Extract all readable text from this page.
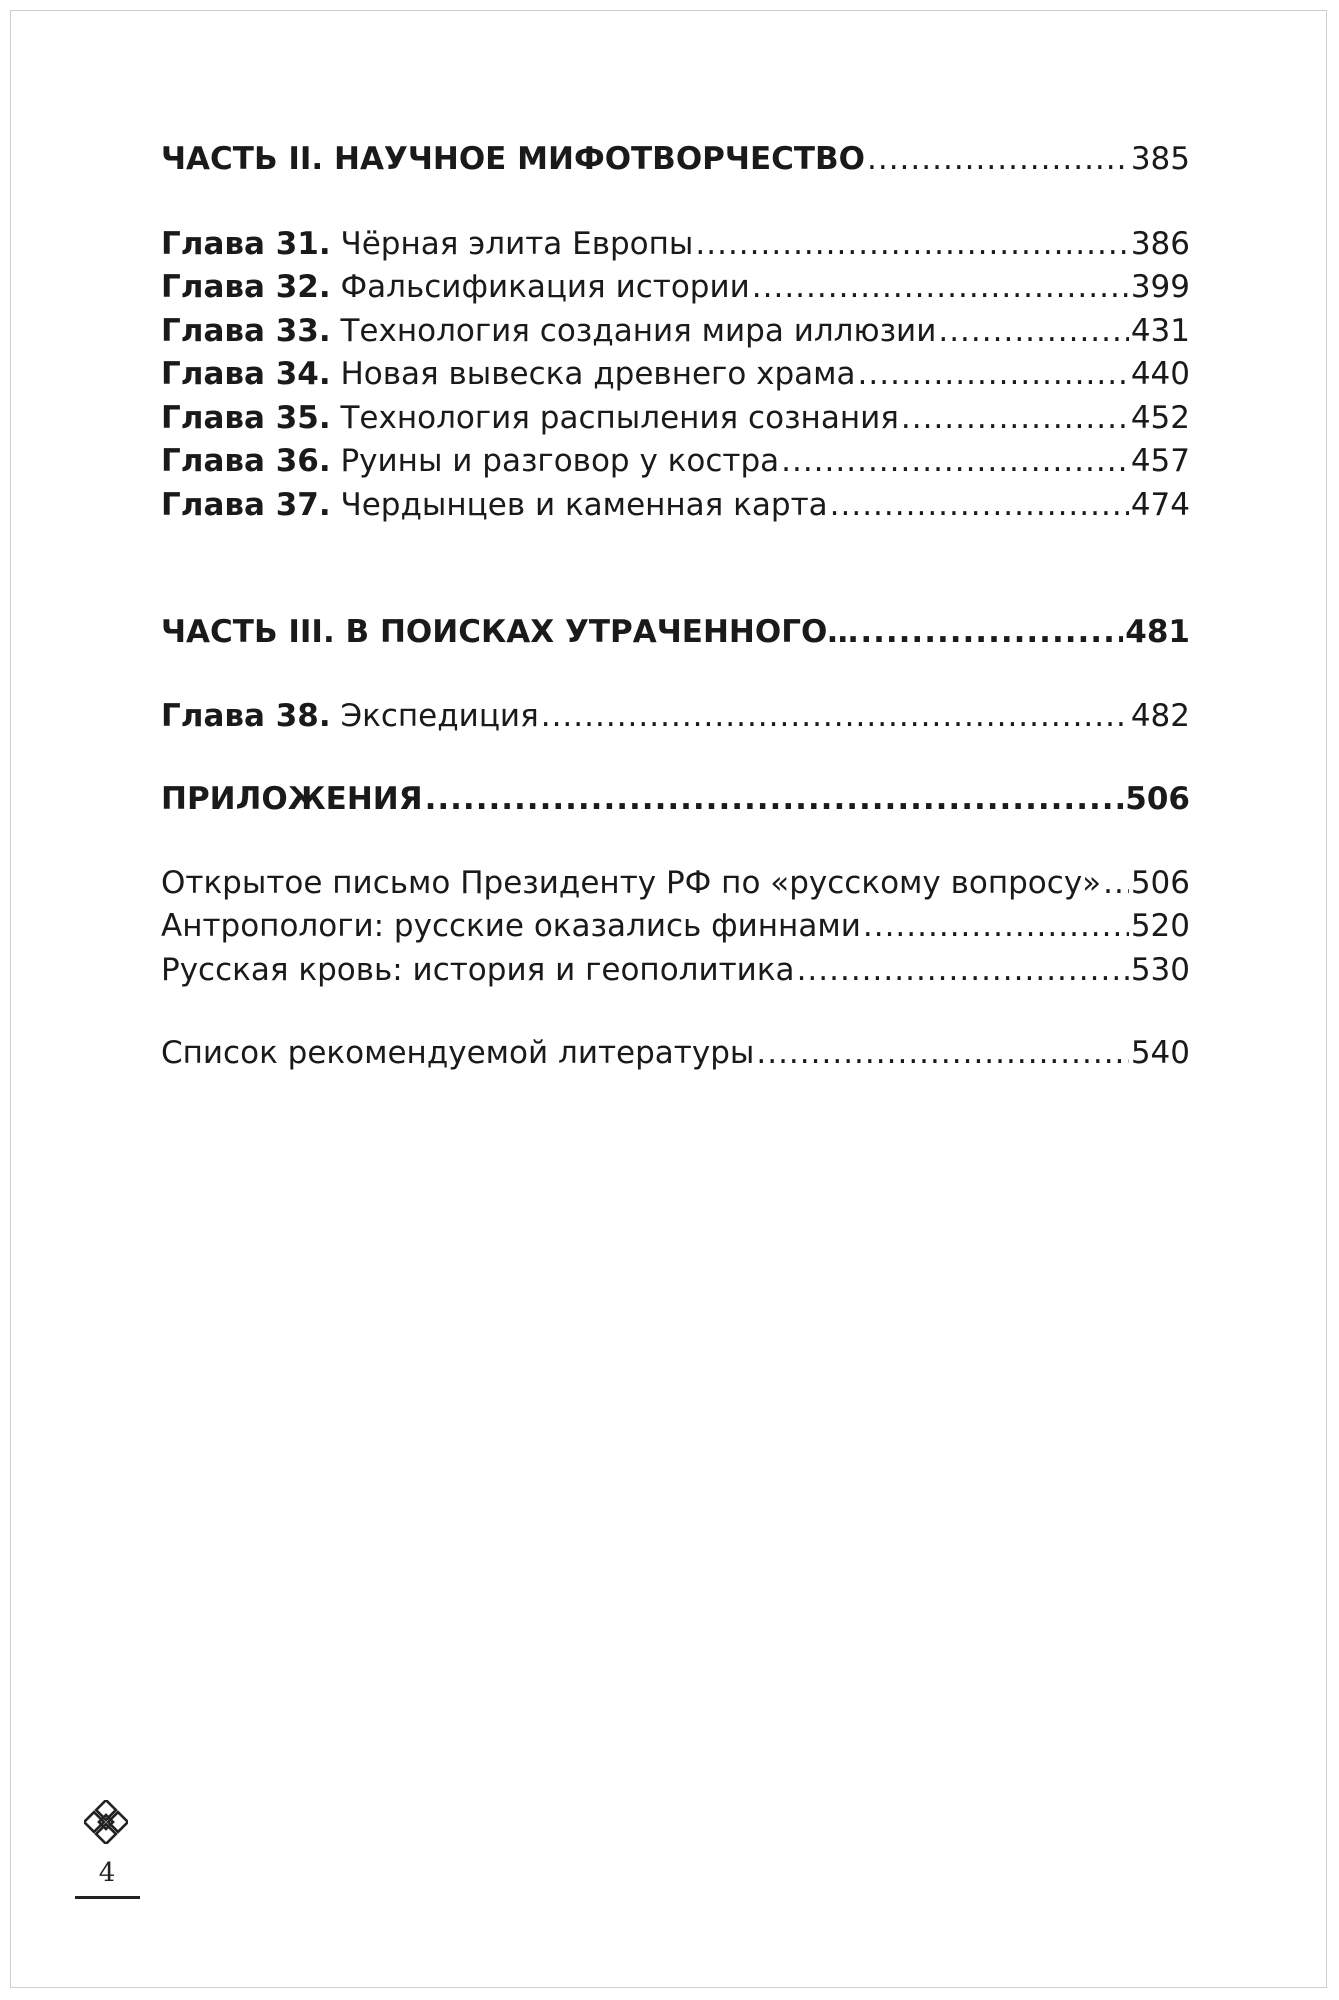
ЧАСТЬ II. НАУЧНОЕ МИФОТВОРЧЕСТВО .....	385
Глава 31. Чёрная элита Европы .....	386
Глава 32. Фальсификация истории .....	399
Глава 33. Технология создания мира иллюзии .....	431
Глава 34. Новая вывеска древнего храма .....	440
Глава 35. Технология распыления сознания .....	452
Глава 36. Руины и разговор у костра .....	457
Глава 37. Чердынцев и каменная карта .....	474
ЧАСТЬ III. В ПОИСКАХ УТРАЧЕННОГО… .....	481
Глава 38. Экспедиция .....	482
ПРИЛОЖЕНИЯ .....	506
Открытое письмо Президенту РФ по «русскому вопросу» ..... 506
Антропологи: русские оказались финнами .....	520
Русская кровь: история и геополитика .....	530
Список рекомендуемой литературы .....	540
4
